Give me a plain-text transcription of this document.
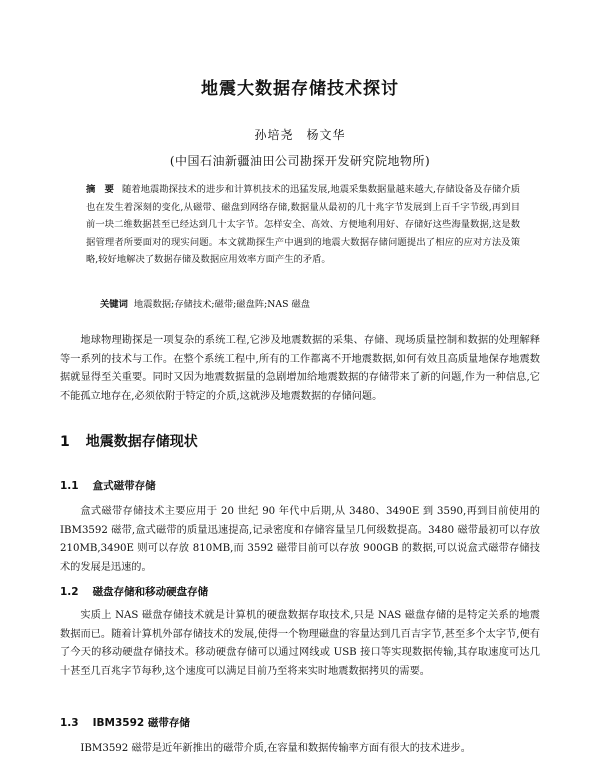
地震大数据存储技术探讨
孙培尧　杨文华
(中国石油新疆油田公司勘探开发研究院地物所)
摘　要 随着地震勘探技术的进步和计算机技术的迅猛发展,地震采集数据量越来越大,存储设备及存储介质也在发生着深刻的变化,从磁带、磁盘到网络存储,数据量从最初的几十兆字节发展到上百千字节级,再到目前一块二维数据甚至已经达到几十太字节。怎样安全、高效、方便地利用好、存储好这些海量数据,这是数据管理者所要面对的现实问题。本文就勘探生产中遇到的地震大数据存储问题提出了相应的应对方法及策略,较好地解决了数据存储及数据应用效率方面产生的矛盾。
关键词 地震数据;存储技术;磁带;磁盘阵;NAS 磁盘
地球物理勘探是一项复杂的系统工程,它涉及地震数据的采集、存储、现场质量控制和数据的处理解释等一系列的技术与工作。在整个系统工程中,所有的工作都离不开地震数据,如何有效且高质量地保存地震数据就显得至关重要。同时又因为地震数据量的急剧增加给地震数据的存储带来了新的问题,作为一种信息,它不能孤立地存在,必须依附于特定的介质,这就涉及地震数据的存储问题。
1 地震数据存储现状
1.1 盒式磁带存储
盒式磁带存储技术主要应用于 20 世纪 90 年代中后期,从 3480、3490E 到 3590,再到目前使用的 IBM3592 磁带,盒式磁带的质量迅速提高,记录密度和存储容量呈几何级数提高。3480 磁带最初可以存放 210MB,3490E 则可以存放 810MB,而 3592 磁带目前可以存放 900GB 的数据,可以说盒式磁带存储技术的发展是迅速的。
1.2 磁盘存储和移动硬盘存储
实质上 NAS 磁盘存储技术就是计算机的硬盘数据存取技术,只是 NAS 磁盘存储的是特定关系的地震数据而已。随着计算机外部存储技术的发展,使得一个物理磁盘的容量达到几百吉字节,甚至多个太字节,便有了今天的移动硬盘存储技术。移动硬盘存储可以通过网线或 USB 接口等实现数据传输,其存取速度可达几十甚至几百兆字节每秒,这个速度可以满足目前乃至将来实时地震数据拷贝的需要。
1.3 IBM3592 磁带存储
IBM3592 磁带是近年新推出的磁带介质,在容量和数据传输率方面有很大的技术进步。
